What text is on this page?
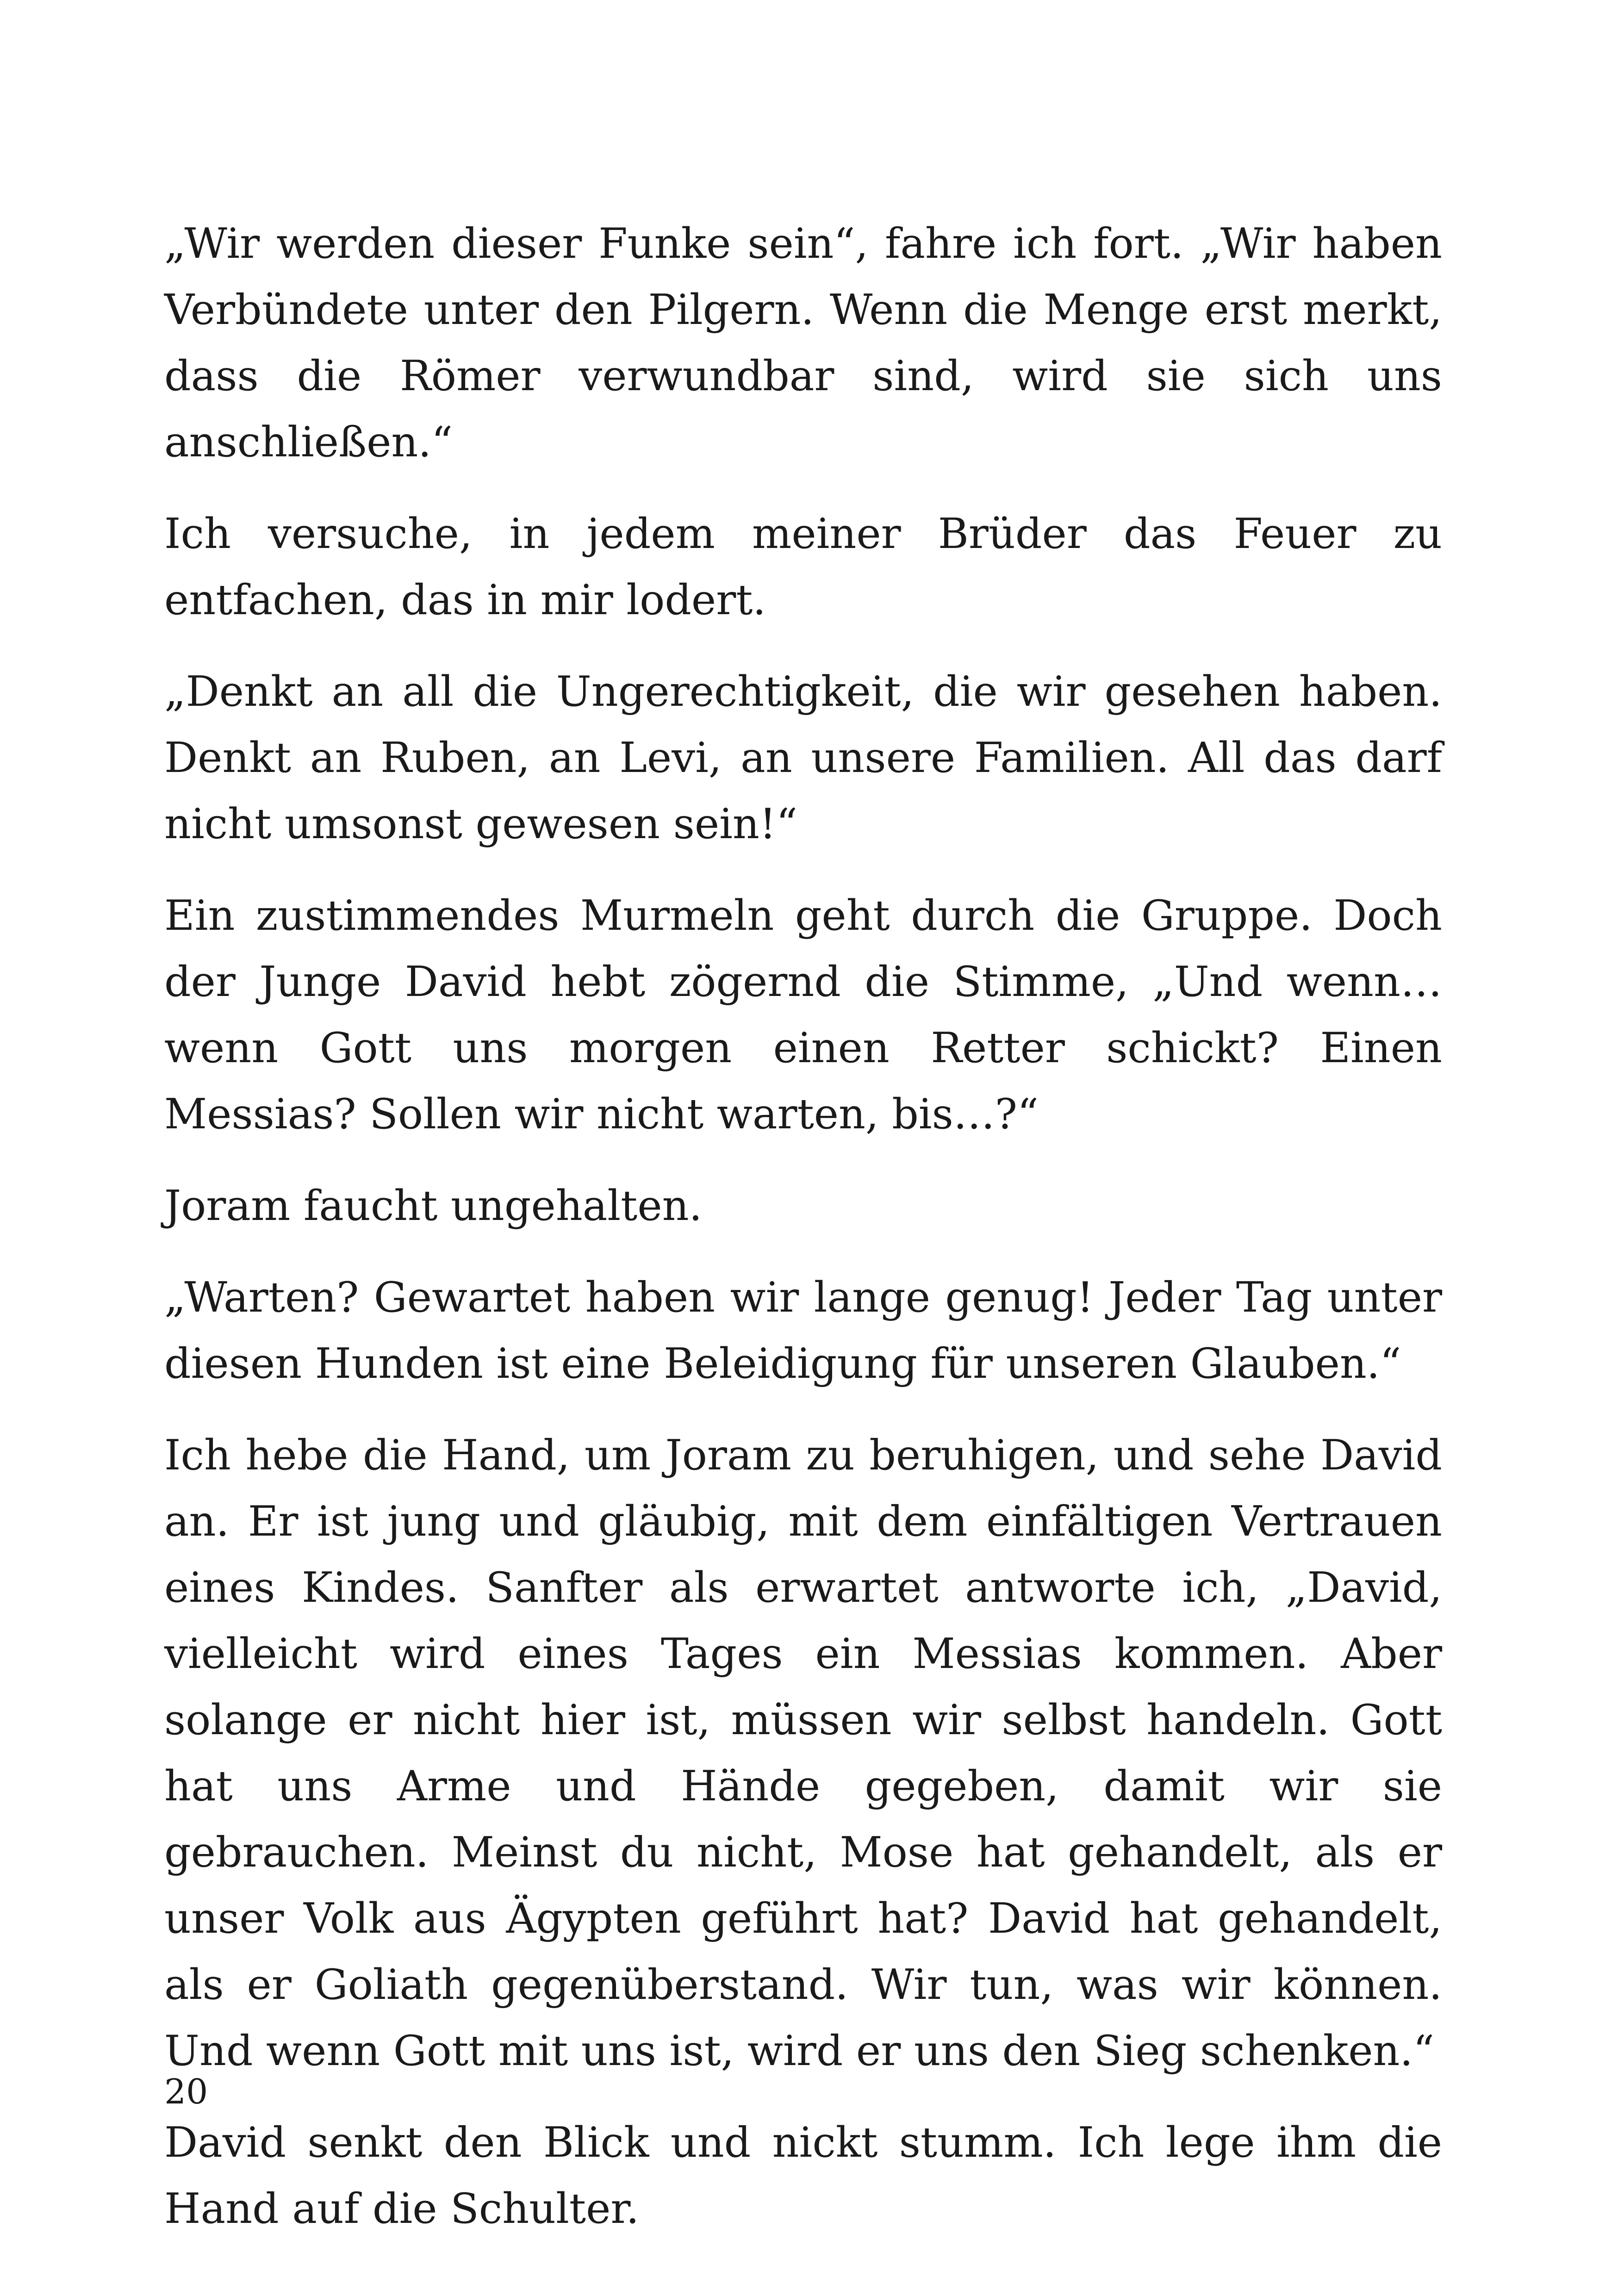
„Wir werden dieser Funke sein“, fahre ich fort. „Wir haben Verbündete unter den Pilgern. Wenn die Menge erst merkt, dass die Römer verwundbar sind, wird sie sich uns anschließen.“

Ich versuche, in jedem meiner Brüder das Feuer zu entfachen, das in mir lodert.

„Denkt an all die Ungerechtigkeit, die wir gesehen haben. Denkt an Ruben, an Levi, an unsere Familien. All das darf nicht umsonst gewesen sein!“

Ein zustimmendes Murmeln geht durch die Gruppe. Doch der Junge David hebt zögernd die Stimme, „Und wenn… wenn Gott uns morgen einen Retter schickt? Einen Messias? Sollen wir nicht warten, bis…?“

Joram faucht ungehalten.

„Warten? Gewartet haben wir lange genug! Jeder Tag unter diesen Hunden ist eine Beleidigung für unseren Glauben.“

Ich hebe die Hand, um Joram zu beruhigen, und sehe David an. Er ist jung und gläubig, mit dem einfältigen Vertrauen eines Kindes. Sanfter als erwartet antworte ich, „David, vielleicht wird eines Tages ein Messias kommen. Aber solange er nicht hier ist, müssen wir selbst handeln. Gott hat uns Arme und Hände gegeben, damit wir sie gebrauchen. Meinst du nicht, Mose hat gehandelt, als er unser Volk aus Ägypten geführt hat? David hat gehandelt, als er Goliath gegenüberstand. Wir tun, was wir können. Und wenn Gott mit uns ist, wird er uns den Sieg schenken.“

David senkt den Blick und nickt stumm. Ich lege ihm die Hand auf die Schulter.

20
